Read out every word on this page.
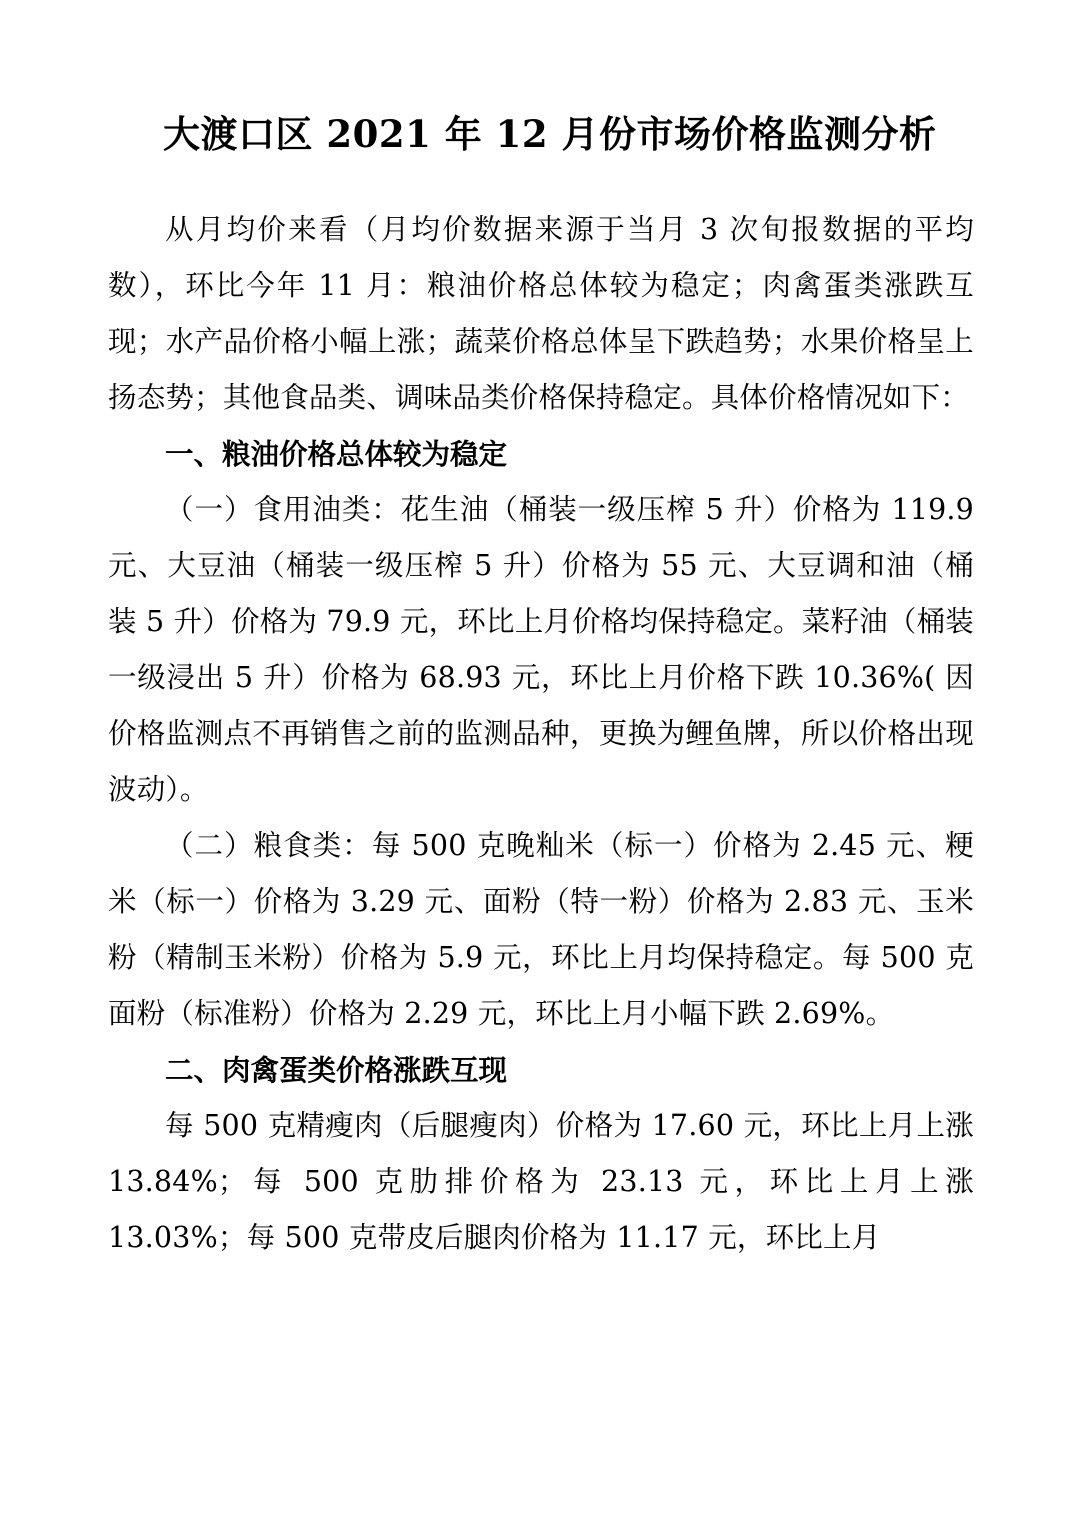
大渡口区 2021 年 12 月份市场价格监测分析

从月均价来看（月均价数据来源于当月 3 次旬报数据的平均数），环比今年 11 月：粮油价格总体较为稳定；肉禽蛋类涨跌互现；水产品价格小幅上涨；蔬菜价格总体呈下跌趋势；水果价格呈上扬态势；其他食品类、调味品类价格保持稳定。具体价格情况如下：

一、粮油价格总体较为稳定

（一）食用油类：花生油（桶装一级压榨 5 升）价格为 119.9 元、大豆油（桶装一级压榨 5 升）价格为 55 元、大豆调和油（桶装 5 升）价格为 79.9 元，环比上月价格均保持稳定。菜籽油（桶装一级浸出 5 升）价格为 68.93 元，环比上月价格下跌 10.36%( 因价格监测点不再销售之前的监测品种，更换为鲤鱼牌，所以价格出现波动）。

（二）粮食类：每 500 克晚籼米（标一）价格为 2.45 元、粳米（标一）价格为 3.29 元、面粉（特一粉）价格为 2.83 元、玉米粉（精制玉米粉）价格为 5.9 元，环比上月均保持稳定。每 500 克面粉（标准粉）价格为 2.29 元，环比上月小幅下跌 2.69%。

二、肉禽蛋类价格涨跌互现

每 500 克精瘦肉（后腿瘦肉）价格为 17.60 元，环比上月上涨 13.84%；每 500 克肋排价格为 23.13 元，环比上月上涨 13.03%；每 500 克带皮后腿肉价格为 11.17 元，环比上月
